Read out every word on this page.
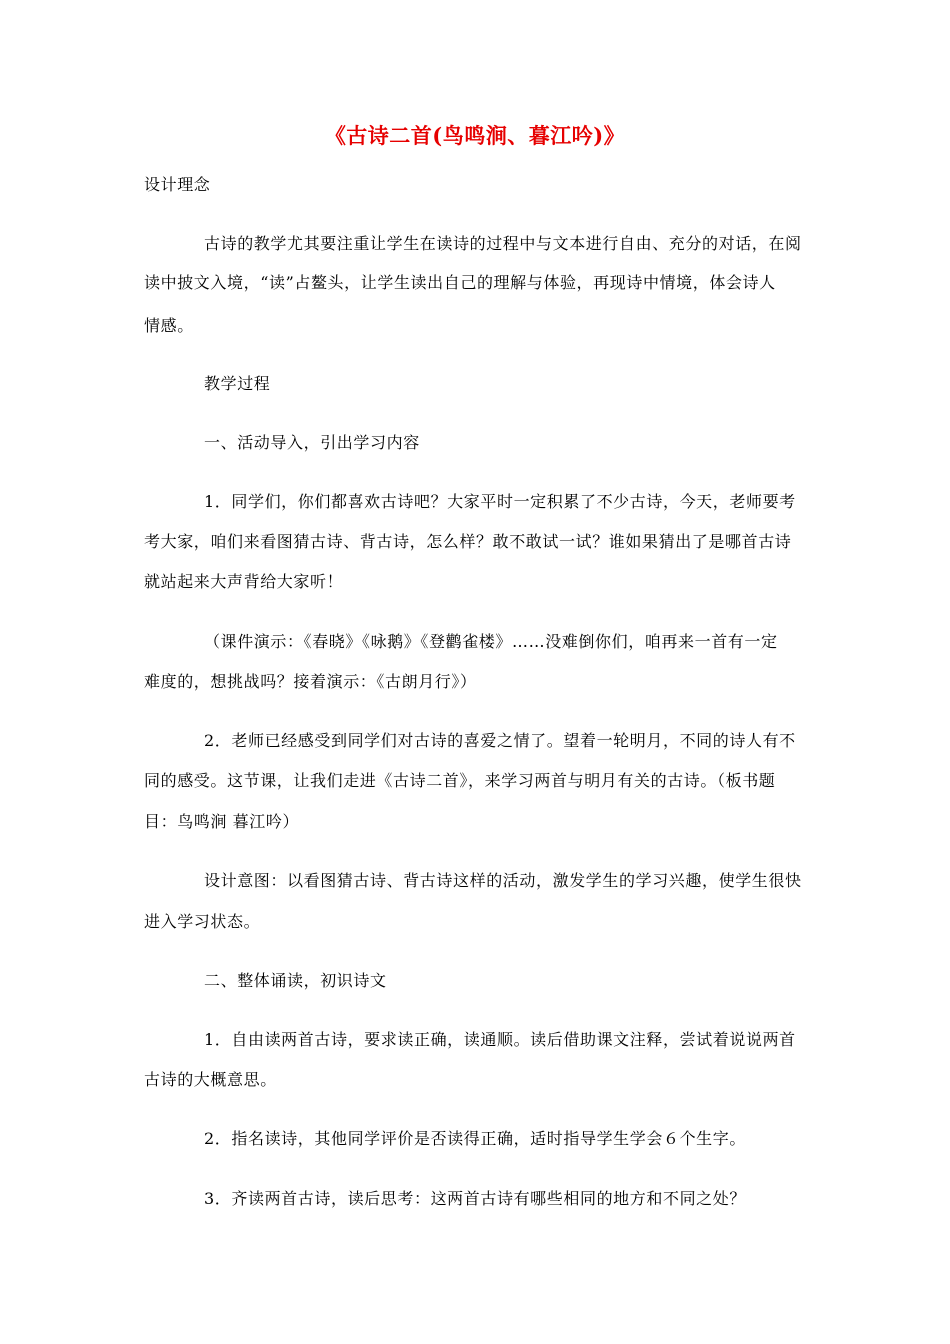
《古诗二首(鸟鸣涧、暮江吟)》
设计理念
古诗的教学尤其要注重让学生在读诗的过程中与文本进行自由、充分的对话，在阅
读中披文入境，“读”占鳌头，让学生读出自己的理解与体验，再现诗中情境，体会诗人
情感。
教学过程
一、活动导入，引出学习内容
1．同学们，你们都喜欢古诗吧？大家平时一定积累了不少古诗，今天，老师要考
考大家，咱们来看图猜古诗、背古诗，怎么样？敢不敢试一试？谁如果猜出了是哪首古诗
就站起来大声背给大家听！
（课件演示：《春晓》《咏鹅》《登鹳雀楼》……没难倒你们，咱再来一首有一定
难度的，想挑战吗？接着演示：《古朗月行》）
2．老师已经感受到同学们对古诗的喜爱之情了。望着一轮明月，不同的诗人有不
同的感受。这节课，让我们走进《古诗二首》，来学习两首与明月有关的古诗。（板书题
目：鸟鸣涧 暮江吟）
设计意图：以看图猜古诗、背古诗这样的活动，激发学生的学习兴趣，使学生很快
进入学习状态。
二、整体诵读，初识诗文
1．自由读两首古诗，要求读正确，读通顺。读后借助课文注释，尝试着说说两首
古诗的大概意思。
2．指名读诗，其他同学评价是否读得正确，适时指导学生学会６个生字。
3．齐读两首古诗，读后思考：这两首古诗有哪些相同的地方和不同之处？
